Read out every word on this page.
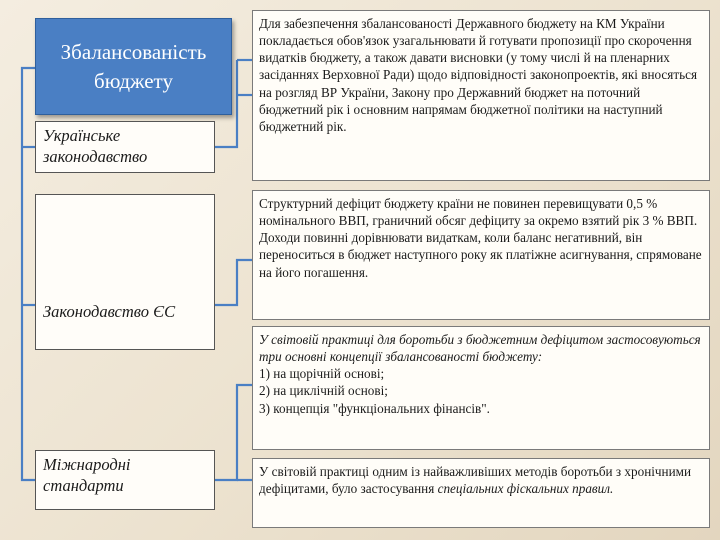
Збалансованість бюджету
Українське законодавство
Законодавство ЄС
Міжнародні стандарти
Для забезпечення збалансованості Державного бюджету на КМ України покладається обов'язок узагальнювати й готувати пропозиції про скорочення видатків бюджету, а також давати висновки (у тому числі й на пленарних засіданнях Верховної Ради) щодо відповідності законопроектів, які вносяться на розгляд ВР України, Закону про Державний бюджет на поточний бюджетний рік і основним напрямам бюджетної політики на наступний бюджетний рік.
Структурний дефіцит бюджету країни не повинен перевищувати 0,5 % номінального ВВП, граничний обсяг дефіциту за окремо взятий рік 3 % ВВП. Доходи повинні дорівнювати видаткам, коли баланс негативний, він переноситься в бюджет наступного року як платіжне асигнування, спрямоване на його погашення.
У світовій практиці для боротьби з бюджетним дефіцитом застосовуються три основні концепції збалансованості бюджету:
1) на щорічній основі;
2) на циклічній основі;
3) концепція "функціональних фінансів".
У світовій практиці одним із найважливіших методів боротьби з хронічними дефіцитами, було застосування спеціальних фіскальних правил.
